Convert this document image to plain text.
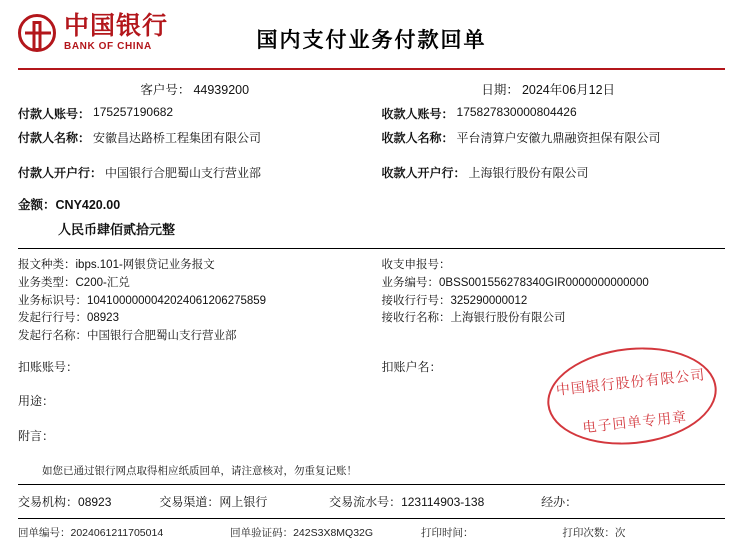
中国银行
BANK OF CHINA	国内支付业务付款回单
客户号： 44939200	日期： 2024年06月12日
付款人账号： 175257190682	收款人账号： 175827830000804426
付款人名称： 安徽昌达路桥工程集团有限公司	收款人名称： 平台清算户安徽九鼎融资担保有限公司
付款人开户行： 中国银行合肥蜀山支行营业部	收款人开户行： 上海银行股份有限公司
金额：CNY420.00
人民币肆佰贰拾元整
报文种类：ibps.101-网银贷记业务报文
业务类型：C200-汇兑
业务标识号：1041000000042024061206275859
发起行行号：08923
发起行名称：中国银行合肥蜀山支行营业部
收支申报号：
业务编号：0BSS001556278340GIR0000000000000
接收行行号：325290000012
接收行名称：上海银行股份有限公司
扣账账号：	扣账户名：
用途：
附言：
如您已通过银行网点取得相应纸质回单，请注意核对，勿重复记账！
中国银行股份有限公司
电子回单专用章
交易机构：08923	交易渠道：网上银行	交易流水号：123114903-138	经办：
回单编号：2024061211705014	回单验证码：242S3X8MQ32G	打印时间：	打印次数：次
